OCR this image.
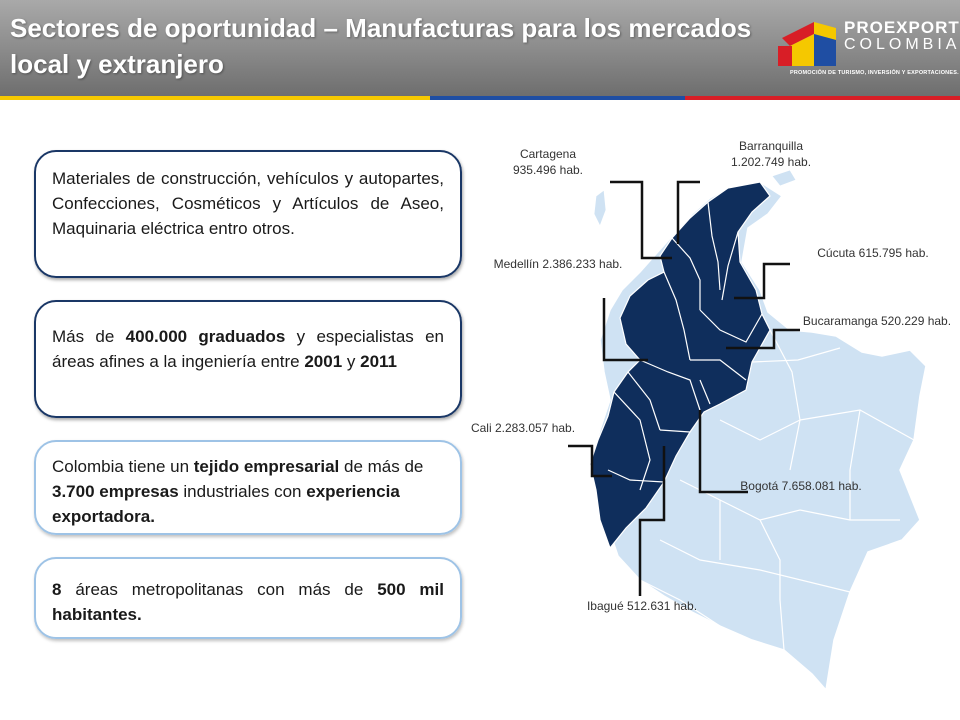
Sectores de oportunidad – Manufacturas para los mercados local y extranjero
PROEXPORT
COLOMBIA
PROMOCIÓN DE TURISMO, INVERSIÓN Y EXPORTACIONES.
Materiales de construcción, vehículos y autopartes, Confecciones, Cosméticos y Artículos de Aseo, Maquinaria eléctrica entro otros.
Más de 400.000 graduados y especialistas en áreas afines a la ingeniería entre 2001 y 2011
Colombia tiene un tejido empresarial de más de 3.700 empresas industriales con experiencia exportadora.
8 áreas metropolitanas con más de 500 mil habitantes.
Cartagena
935.496 hab.
Barranquilla
1.202.749 hab.
Medellín 2.386.233 hab.
Cúcuta 615.795 hab.
Bucaramanga 520.229 hab.
Cali 2.283.057 hab.
Bogotá 7.658.081 hab.
Ibagué 512.631 hab.
